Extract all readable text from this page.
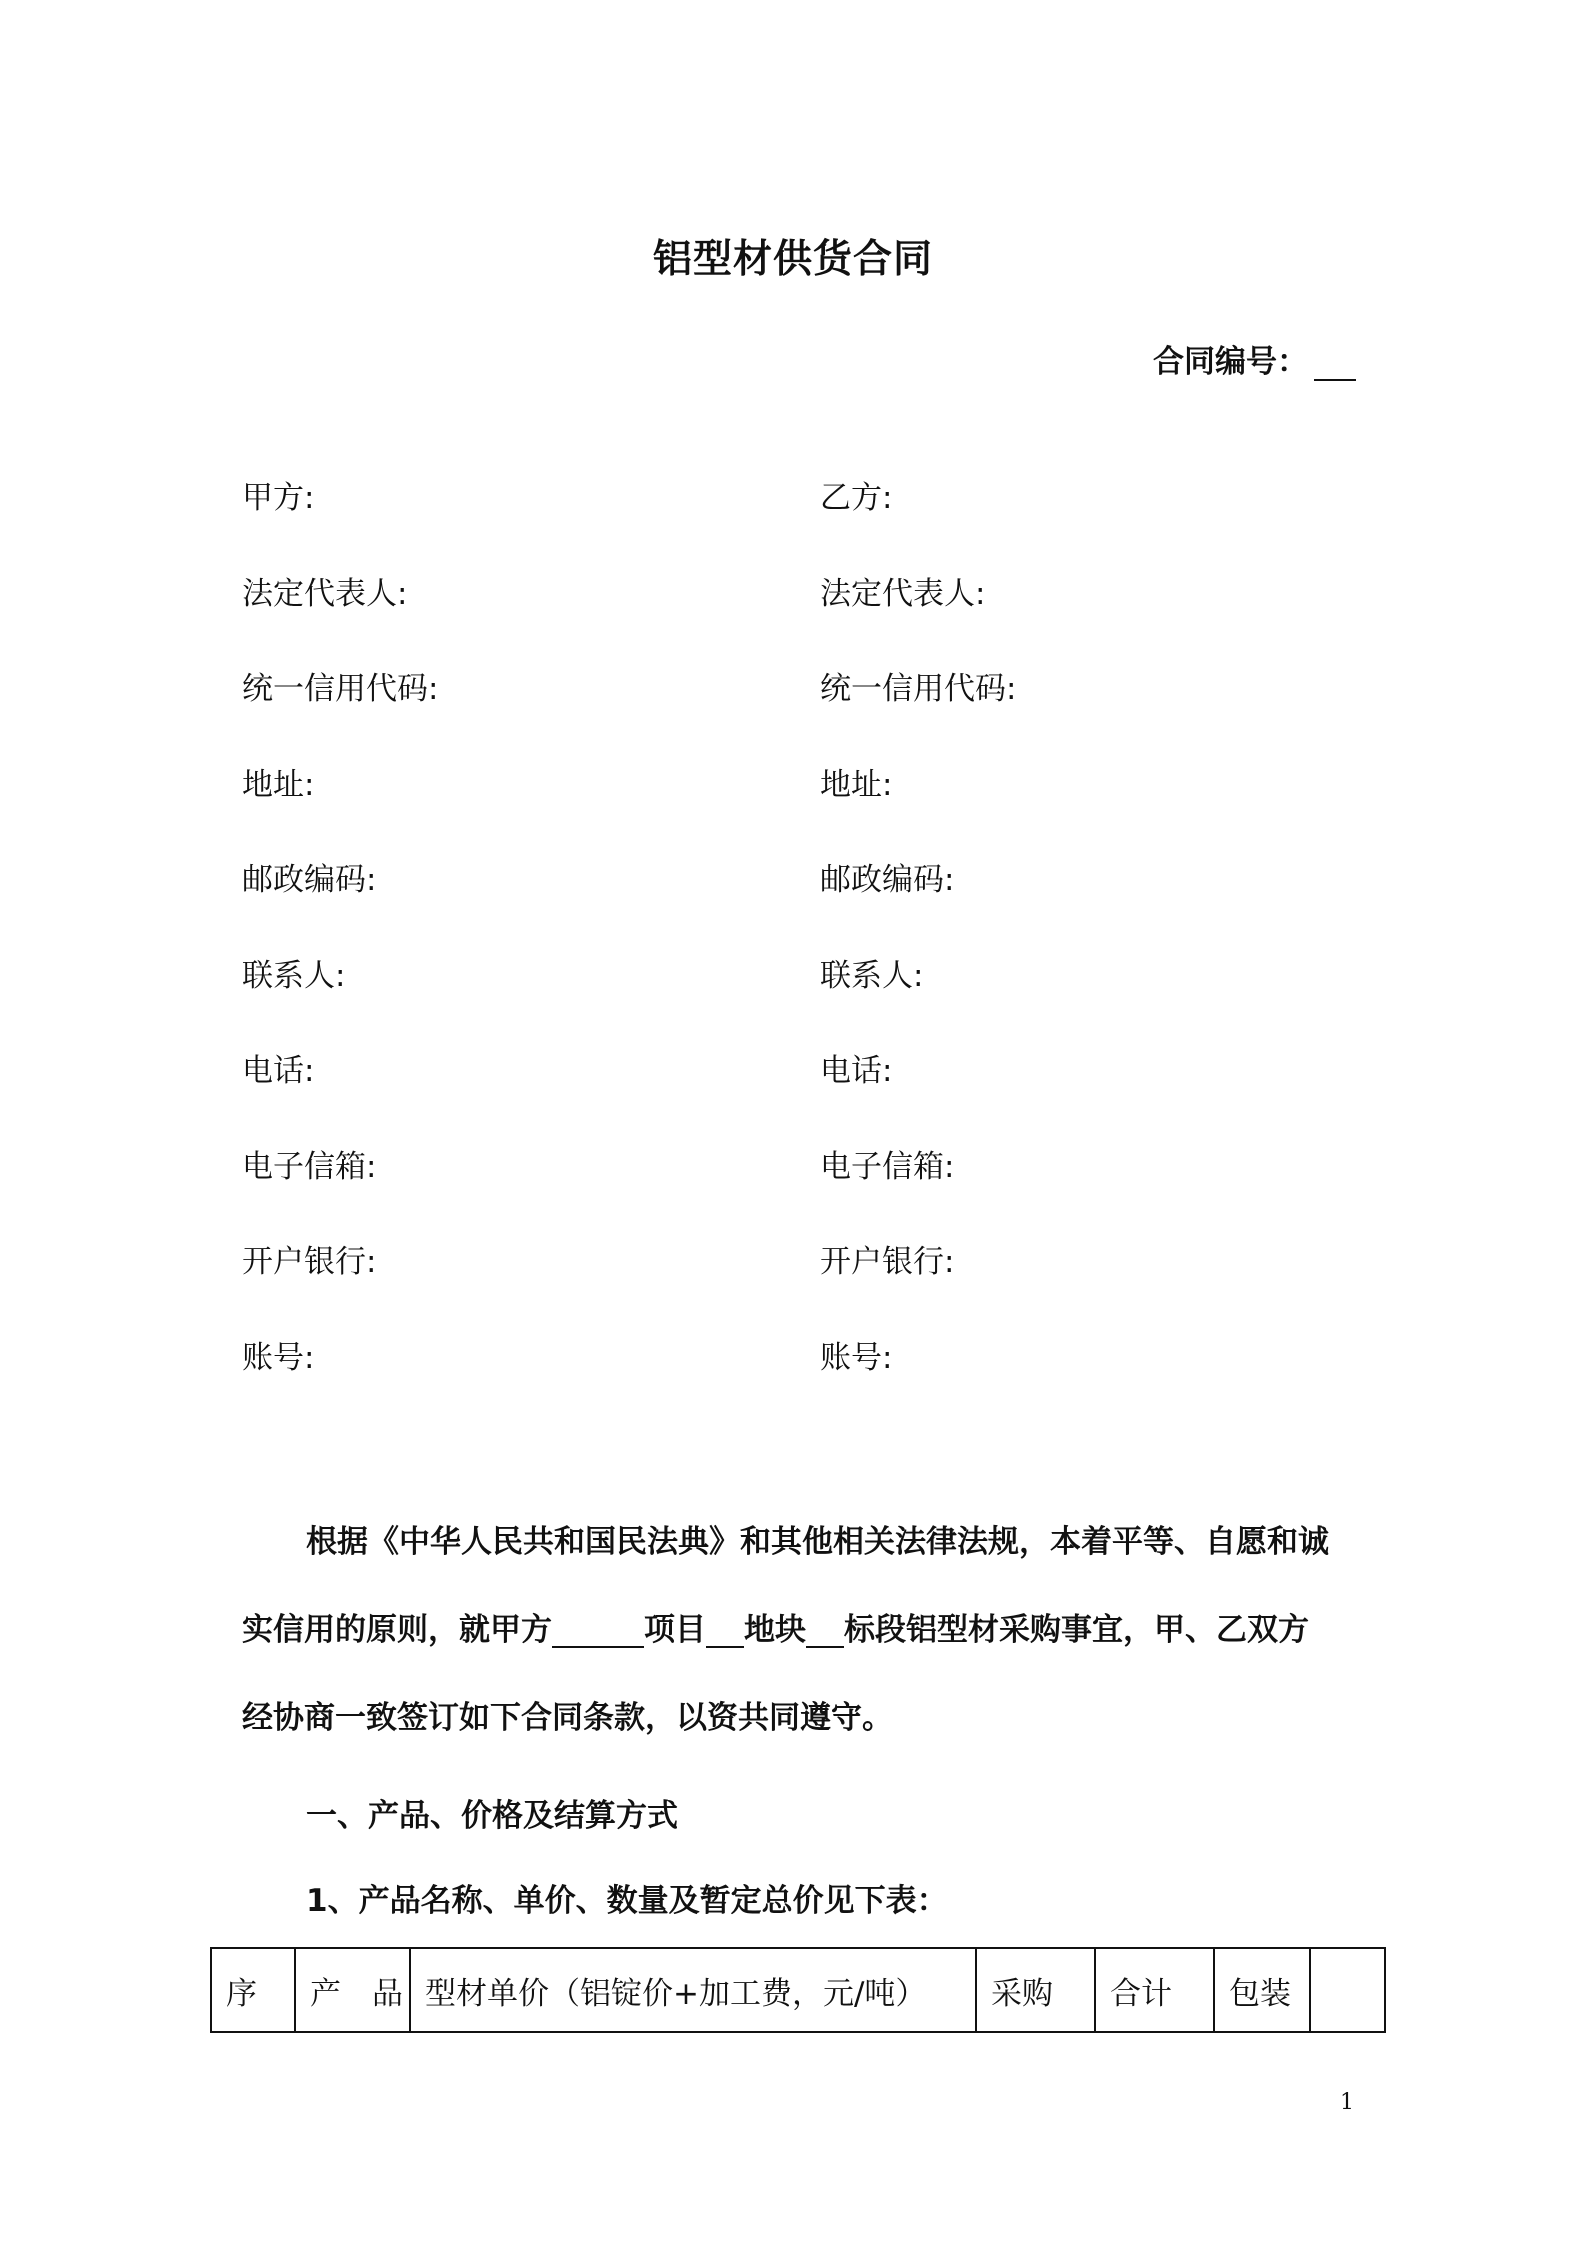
铝型材供货合同
合同编号：
甲方:	乙方:
法定代表人:	法定代表人:
统一信用代码:	统一信用代码:
地址:	地址:
邮政编码:	邮政编码:
联系人:	联系人:
电话:	电话:
电子信箱:	电子信箱:
开户银行:	开户银行:
账号:	账号:
根据《中华人民共和国民法典》和其他相关法律法规，本着平等、自愿和诚
实信用的原则，就甲方	项目 地块 标段铝型材采购事宜，甲、乙双方
经协商一致签订如下合同条款，以资共同遵守。
一、产品、价格及结算方式
1、产品名称、单价、数量及暂定总价见下表：
序	产　品	型材单价（铝锭价+加工费，元/吨）	采购	合计	包装	
1
